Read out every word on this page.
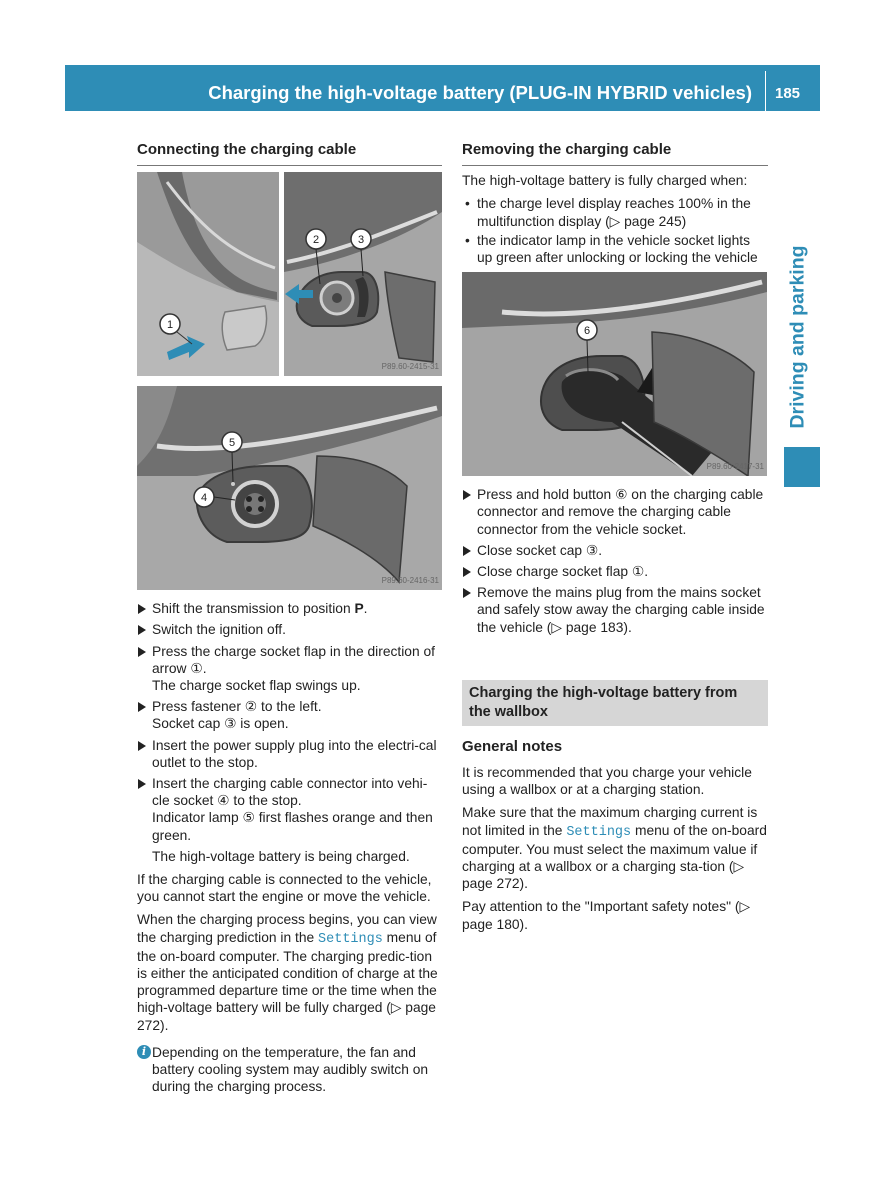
Charging the high-voltage battery (PLUG-IN HYBRID vehicles) 185
Driving and parking
Connecting the charging cable
1
2	3
P89.60-2415-31
5
4
P89.60-2416-31
Shift the transmission to position P.
Switch the ignition off.
Press the charge socket flap in the direction of arrow ①.
The charge socket flap swings up.
Press fastener ② to the left.
Socket cap ③ is open.
Insert the power supply plug into the electri-cal outlet to the stop.
Insert the charging cable connector into vehi-cle socket ④ to the stop.
Indicator lamp ⑤ first flashes orange and then green.
The high-voltage battery is being charged.

If the charging cable is connected to the vehicle, you cannot start the engine or move the vehicle.

When the charging process begins, you can view the charging prediction in the Settings menu of the on-board computer. The charging predic-tion is either the anticipated condition of charge at the programmed departure time or the time when the high-voltage battery will be fully charged (▷ page 272).

i Depending on the temperature, the fan and battery cooling system may audibly switch on during the charging process.
Removing the charging cable

The high-voltage battery is fully charged when:

• the charge level display reaches 100% in the multifunction display (▷ page 245)
• the indicator lamp in the vehicle socket lights up green after unlocking or locking the vehicle
6
P89.60-2417-31
Press and hold button ⑥ on the charging cable connector and remove the charging cable connector from the vehicle socket.
Close socket cap ③.
Close charge socket flap ①.
Remove the mains plug from the mains socket and safely stow away the charging cable inside the vehicle (▷ page 183).
Charging the high-voltage battery from the wallbox
General notes

It is recommended that you charge your vehicle using a wallbox or at a charging station.

Make sure that the maximum charging current is not limited in the Settings menu of the on-board computer. You must select the maximum value if charging at a wallbox or a charging sta-tion (▷ page 272).

Pay attention to the "Important safety notes" (▷ page 180).
